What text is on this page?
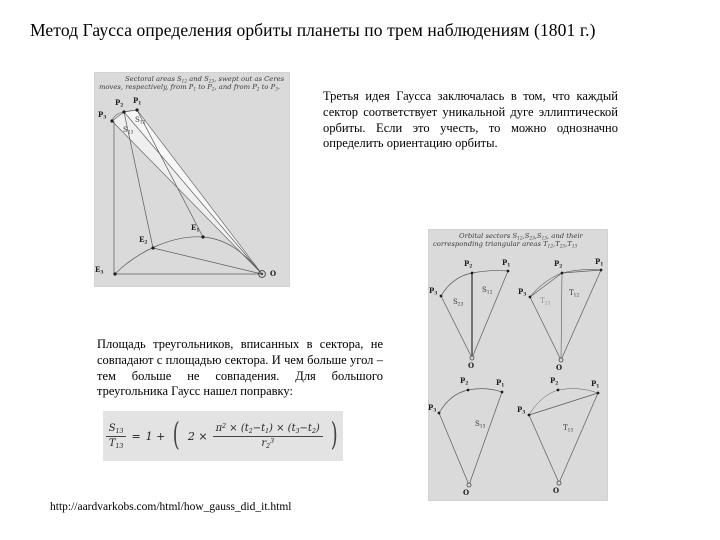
Метод Гаусса определения орбиты планеты по трем наблюдениям (1801 г.)
Sectoral areas $S_{12}$ and $S_{23}$, swept out as Ceres moves, respectively, from $P_1$ to $P_2$, and from $P_2$ to $P_3$.
$P_2$
$P_1$
$P_3$	$S_{12}$
$S_{23}$
$E_3$
$E_2$
$E_1$
O
Третья идея Гаусса заключалась в том, что каждый сектор соответствует уникальной дуге эллиптической орбиты. Если это учесть, то можно однозначно определить ориентацию орбиты.
Orbital sectors $S_{12},S_{23},S_{13}$, and their corresponding triangular areas $T_{12},T_{23},T_{13}$
$P_2$	$P_1$
$P_3$
$S_{23}$
$S_{12}$
O
$P_2$
$P_1$
$P_3$
$T_{23}$
$T_{12}$
O
$P_2$	$P_1$
$P_3$
$S_{13}$
O
$P_2$	$P_1$
$P_3$
$T_{13}$
O
Площадь треугольников, вписанных в сектора, не совпадают с площадью сектора. И чем больше угол – тем больше не совпадения. Для большого треугольника Гаусс нашел поправку:
$\frac{S_{13}}{T_{13}} = 1$ + ( $2 \times \frac{\pi^2 \times (t_2-t_1) \times (t_3-t_2)}{r_2^3}$ )
http://aardvarkobs.com/html/how_gauss_did_it.html
